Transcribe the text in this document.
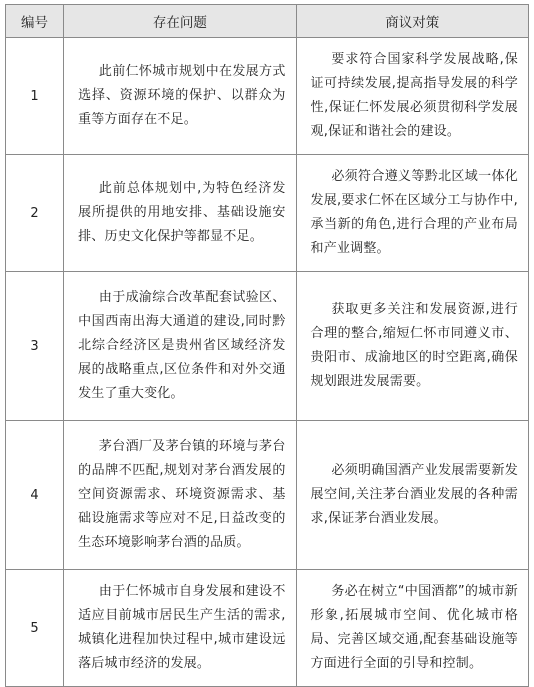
编号	存在问题	商议对策
1	此前仁怀城市规划中在发展方式选择、资源环境的保护、以群众为重等方面存在不足。	要求符合国家科学发展战略,保证可持续发展,提高指导发展的科学性,保证仁怀发展必须贯彻科学发展观,保证和谐社会的建设。
2	此前总体规划中,为特色经济发展所提供的用地安排、基础设施安排、历史文化保护等都显不足。	必须符合遵义等黔北区域一体化发展,要求仁怀在区域分工与协作中,承当新的角色,进行合理的产业布局和产业调整。
3	由于成渝综合改革配套试验区、中国西南出海大通道的建设,同时黔北综合经济区是贵州省区域经济发展的战略重点,区位条件和对外交通发生了重大变化。	获取更多关注和发展资源,进行合理的整合,缩短仁怀市同遵义市、贵阳市、成渝地区的时空距离,确保规划跟进发展需要。
4	茅台酒厂及茅台镇的环境与茅台的品牌不匹配,规划对茅台酒发展的空间资源需求、环境资源需求、基础设施需求等应对不足,日益改变的生态环境影响茅台酒的品质。	必须明确国酒产业发展需要新发展空间,关注茅台酒业发展的各种需求,保证茅台酒业发展。
5	由于仁怀城市自身发展和建设不适应目前城市居民生产生活的需求,城镇化进程加快过程中,城市建设远落后城市经济的发展。	务必在树立“中国酒都”的城市新形象,拓展城市空间、优化城市格局、完善区域交通,配套基础设施等方面进行全面的引导和控制。
